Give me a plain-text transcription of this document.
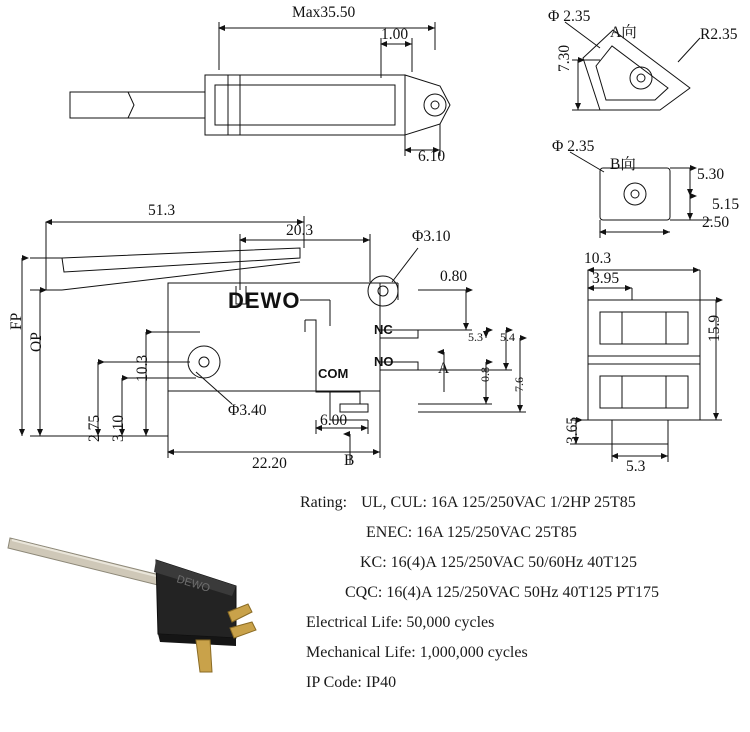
DEWO
Max35.50
1.00
6.10
Φ 2.35
A向	R2.35
7.30
Φ 2.35
B向
5.30
5.15
2.50
51.3
20.3	Φ3.10
Φ3.40
FP
OP
10.3
2.75 3.10
22.20
6.00
0.80
5.3 5.4
0.8
7.6
A
B
DEWO
NC
NO
COM
10.3
3.95
15.9
3.65
5.3
Rating: UL, CUL: 16A 125/250VAC 1/2HP 25T85
ENEC: 16A 125/250VAC 25T85
KC: 16(4)A 125/250VAC 50/60Hz 40T125
CQC: 16(4)A 125/250VAC 50Hz 40T125 PT175
Electrical Life: 50,000 cycles
Mechanical Life: 1,000,000 cycles
IP Code: IP40
